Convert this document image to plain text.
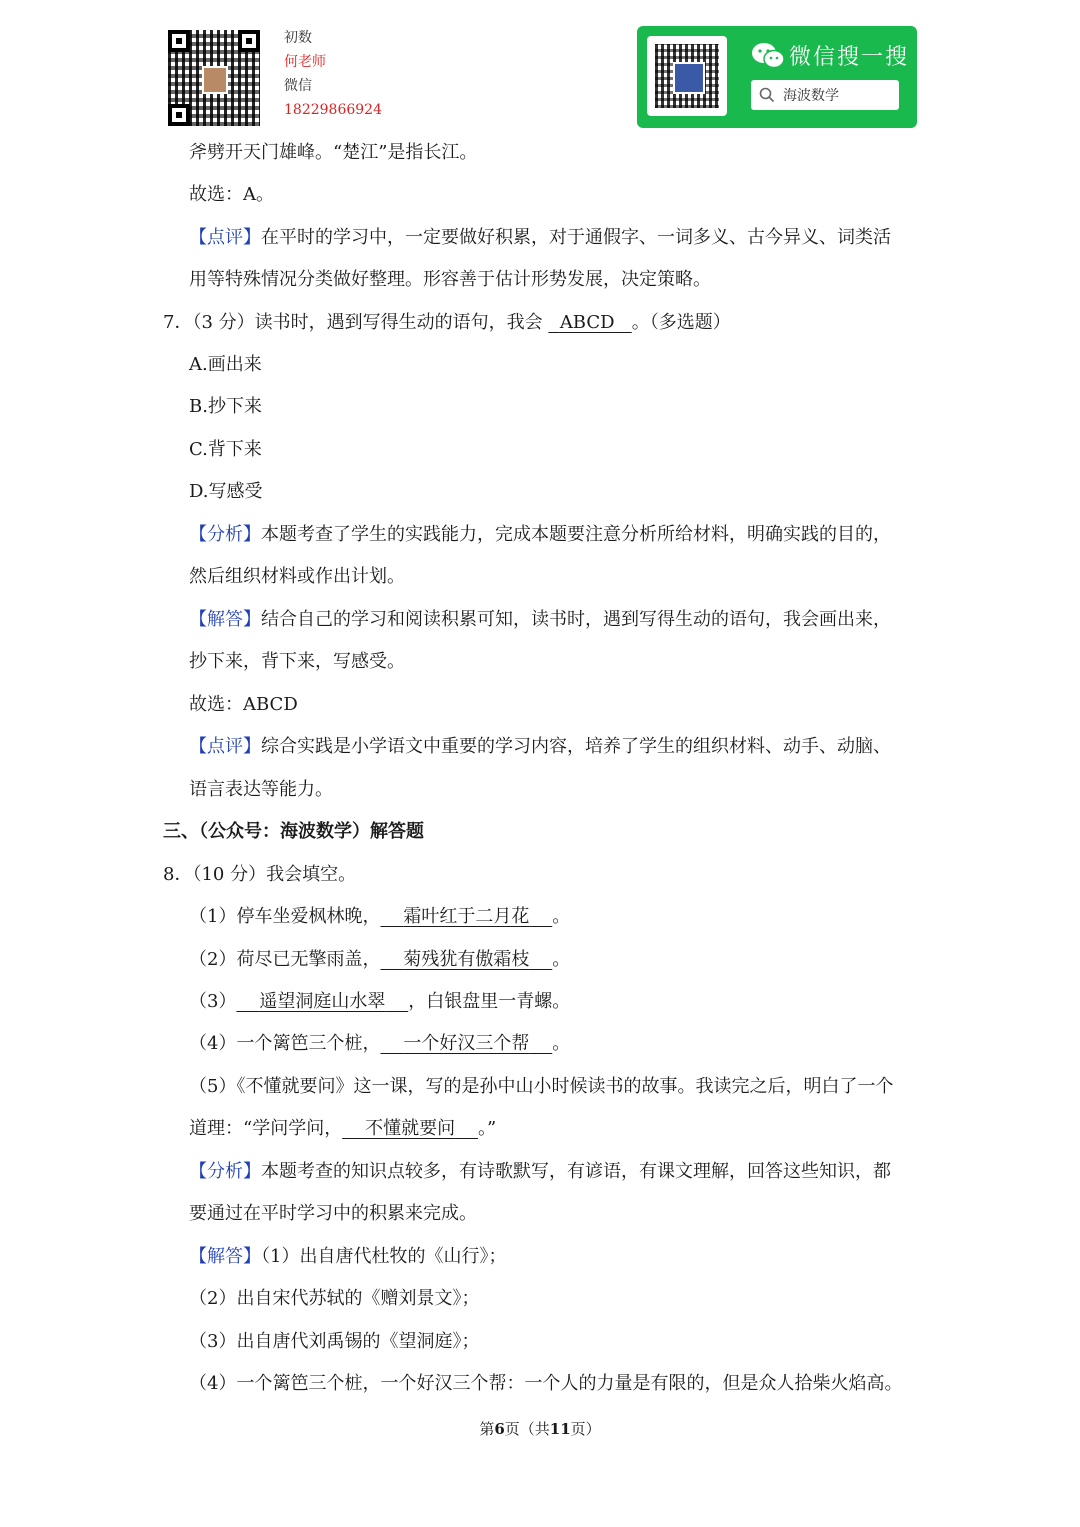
初数
何老师
微信
18229866924
微信搜一搜
海波数学
斧劈开天门雄峰。“楚江”是指长江。
故选：A。
【点评】在平时的学习中，一定要做好积累，对于通假字、一词多义、古今异义、词类活
用等特殊情况分类做好整理。形容善于估计形势发展，决定策略。
7．（3 分）读书时，遇到写得生动的语句，我会 ABCD 。（多选题）
A.画出来
B.抄下来
C.背下来
D.写感受
【分析】本题考查了学生的实践能力，完成本题要注意分析所给材料，明确实践的目的，
然后组织材料或作出计划。
【解答】结合自己的学习和阅读积累可知，读书时，遇到写得生动的语句，我会画出来，
抄下来，背下来，写感受。
故选：ABCD
【点评】综合实践是小学语文中重要的学习内容，培养了学生的组织材料、动手、动脑、
语言表达等能力。
三、（公众号：海波数学）解答题
8．（10 分）我会填空。
（1）停车坐爱枫林晚， 霜叶红于二月花 。
（2）荷尽已无擎雨盖， 菊残犹有傲霜枝 。
（3） 遥望洞庭山水翠 ，白银盘里一青螺。
（4）一个篱笆三个桩， 一个好汉三个帮 。
（5）《不懂就要问》这一课，写的是孙中山小时候读书的故事。我读完之后，明白了一个
道理：“学问学问， 不懂就要问 。”
【分析】本题考查的知识点较多，有诗歌默写，有谚语，有课文理解，回答这些知识，都
要通过在平时学习中的积累来完成。
【解答】（1）出自唐代杜牧的《山行》；
（2）出自宋代苏轼的《赠刘景文》；
（3）出自唐代刘禹锡的《望洞庭》；
（4）一个篱笆三个桩，一个好汉三个帮：一个人的力量是有限的，但是众人拾柴火焰高。
第6页（共11页）
